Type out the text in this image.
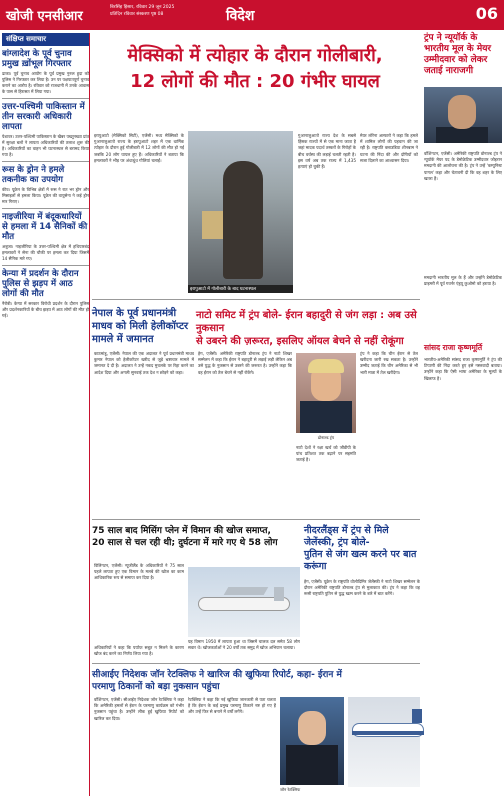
खोजी एनसीआर
बिरसिंह हिसार, रविवार 29 जून 2025
प्रतिदिन रविवार संस्करण पृष्ठ 08	विदेश	06
संक्षिप्त समाचार
बांग्लादेश के पूर्व चुनाव प्रमुख ख़ोंभूल गिरफ्तार
ढाका। पूर्व चुनाव आयोग के पूर्व प्रमुख नुरुल हुदा को पुलिस ने गिरफ्तार कर लिया है। उन पर पक्षपातपूर्ण चुनाव कराने का आरोप है। रविवार को राजधानी में उनके आवास के पास से हिरासत में लिया गया।
उत्तर-पश्चिमी पाकिस्तान में तीन सरकारी अधिकारी लापता
पेशावर। उत्तर-पश्चिमी पाकिस्तान के खैबर पख्तूनख्वा प्रांत में सुरक्षा बलों ने लापता अधिकारियों की तलाश शुरू की है। अधिकारियों का वाहन भी घटनास्थल से बरामद किया गया है।
रूस के ड्रोन ने हमले तकनीक का उपयोग
कीव। यूक्रेन के विभिन्न क्षेत्रों में रूस ने रात भर ड्रोन और मिसाइलों से हमला किया। यूक्रेन की वायुसेना ने कई ड्रोन मार गिराए।
नाइजीरिया में बंदूकधारियों से हमला में 14 सैनिकों की मौत
अबुजा। नाइजीरिया के उत्तर-पश्चिमी क्षेत्र में हथियारबंद हमलावरों ने सेना की चौकी पर हमला कर दिया जिसमें 14 सैनिक मारे गए।
केन्या में प्रदर्शन के दौरान पुलिस से झड़प में आठ लोगों की मौत
नैरोबी। केन्या में सरकार विरोधी प्रदर्शन के दौरान पुलिस और प्रदर्शनकारियों के बीच झड़प में आठ लोगों की मौत हो गई।
मेक्सिको में त्योहार के दौरान गोलीबारी,
12 लोगों की मौत : 20 गंभीर घायल
इरापुआटो (मेक्सिको सिटी), एजेंसी। मध्य मेक्सिको के गुआनाजुआतो राज्य के इरापुआटो शहर में एक धार्मिक त्योहार के दौरान हुई गोलीबारी में 12 लोगों की मौत हो गई जबकि 20 लोग घायल हुए हैं। अधिकारियों ने बताया कि हमलावरों ने भीड़ पर अंधाधुंध गोलियां चलाईं।
इरापुआटो में गोलीबारी के बाद घटनास्थल
गुआनाजुआतो राज्य देश के सबसे हिंसक राज्यों में से एक माना जाता है जहां मादक पदार्थ तस्करों के गिरोहों के बीच वर्चस्व की लड़ाई चलती रहती है। इस वर्ष अब तक राज्य में 1,435 हत्याएं हो चुकी हैं।
मेयर लोरेना अल्फारो ने कहा कि हमले में शामिल लोगों की पहचान की जा रही है। राष्ट्रपति क्लाउडिया शीनबाम ने घटना की निंदा की और दोषियों को सजा दिलाने का आश्वासन दिया।
नेपाल के पूर्व प्रधानमंत्री
माधव को मिली हेलीकॉप्टर
मामले में जमानत
काठमांडू, एजेंसी। नेपाल की एक अदालत ने पूर्व प्रधानमंत्री माधव कुमार नेपाल को हेलीकॉप्टर खरीद से जुड़े भ्रष्टाचार मामले में जमानत दे दी है। अदालत ने उन्हें नकद मुचलके पर रिहा करने का आदेश दिया और अगली सुनवाई तक देश न छोड़ने को कहा।
नाटो समिट में ट्रंप बोले- ईरान बहादुरी से जंग लड़ा : अब उसे नुकसान
से उबरने की ज़रूरत, इसलिए ऑयल बेचने से नहीं रोकूंगा
हेग, एजेंसी। अमेरिकी राष्ट्रपति डोनाल्ड ट्रंप ने नाटो शिखर सम्मेलन में कहा कि ईरान ने बहादुरी से लड़ाई लड़ी लेकिन अब उसे युद्ध के नुकसान से उबरने की जरूरत है। उन्होंने कहा कि वह ईरान को तेल बेचने से नहीं रोकेंगे।
डोनाल्ड ट्रंप
ट्रंप ने कहा कि चीन ईरान से तेल खरीदना जारी रख सकता है। उन्होंने उम्मीद जताई कि चीन अमेरिका से भी भारी मात्रा में तेल खरीदेगा।
नाटो देशों ने रक्षा खर्च को जीडीपी के पांच प्रतिशत तक बढ़ाने पर सहमति जताई है।
75 साल बाद मिसिंग प्लेन में विमान की खोज समाप्त,
20 साल से चल रही थी; दुर्घटना में मारे गए थे 58 लोग
विलिंगटन, एजेंसी। न्यूजीलैंड के अधिकारियों ने 75 साल पहले लापता हुए एक विमान के मलबे की खोज का काम आधिकारिक रूप से समाप्त कर दिया है।
यह विमान 1950 में लापता हुआ था जिसमें चालक दल समेत 58 लोग सवार थे। खोजकर्ताओं ने 20 वर्षों तक समुद्र में खोज अभियान चलाया।
अधिकारियों ने कहा कि पर्याप्त सबूत न मिलने के कारण खोज बंद करने का निर्णय लिया गया है।
नीदरलैंड्स में ट्रंप से मिले जेलेंस्की, ट्रंप बोले-
पुतिन से जंग खत्म करने पर बात करूंगा
हेग, एजेंसी। यूक्रेन के राष्ट्रपति वोलोदिमिर जेलेंस्की ने नाटो शिखर सम्मेलन के दौरान अमेरिकी राष्ट्रपति डोनाल्ड ट्रंप से मुलाकात की। ट्रंप ने कहा कि वह रूसी राष्ट्रपति पुतिन से युद्ध खत्म करने के बारे में बात करेंगे।
सीआईए निदेशक जॉन रेटक्लिफ ने खारिज की खुफिया रिपोर्ट, कहा- ईरान में
परमाणु ठिकानों को बड़ा नुकसान पहुंचा
वॉशिंगटन, एजेंसी। सीआईए निदेशक जॉन रेटक्लिफ ने कहा कि अमेरिकी हमलों से ईरान के परमाणु कार्यक्रम को गंभीर नुकसान पहुंचा है। उन्होंने लीक हुई खुफिया रिपोर्ट को खारिज कर दिया।
रेटक्लिफ ने कहा कि नई खुफिया जानकारी से पता चलता है कि ईरान के कई प्रमुख परमाणु ठिकाने नष्ट हो गए हैं और उन्हें फिर से बनाने में वर्षों लगेंगे।
जॉन रेटक्लिफ
ट्रंप ने न्यूयॉर्क के भारतीय मूल के मेयर उम्मीदवार को लेकर जताई नाराजगी
वॉशिंगटन, एजेंसी। अमेरिकी राष्ट्रपति डोनाल्ड ट्रंप ने न्यूयॉर्क मेयर पद के डेमोक्रेटिक उम्मीदवार जोहरान ममदानी की आलोचना की है। ट्रंप ने उन्हें 'कम्युनिस्ट पागल' कहा और चेतावनी दी कि वह शहर के लिए खतरा हैं।
ममदानी भारतीय मूल के हैं और उन्होंने डेमोक्रेटिक प्राइमरी में पूर्व गवर्नर एंड्रयू कुओमो को हराया है।
सांसद राजा कृष्णमूर्ति
भारतीय-अमेरिकी सांसद राजा कृष्णमूर्ति ने ट्रंप की टिप्पणी की निंदा करते हुए इसे नस्लवादी बताया। उन्होंने कहा कि ऐसी भाषा अमेरिका के मूल्यों के खिलाफ है।
